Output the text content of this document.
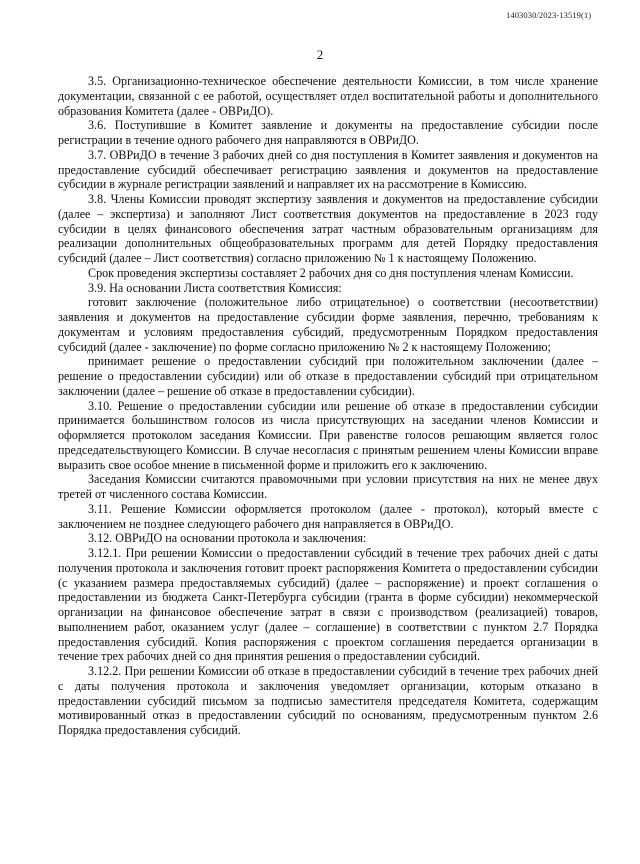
1403030/2023-13519(1)
2

3.5. Организационно-техническое обеспечение деятельности Комиссии, в том числе хранение документации, связанной с ее работой, осуществляет отдел воспитательной работы и дополнительного образования Комитета (далее - ОВРиДО).

3.6. Поступившие в Комитет заявление и документы на предоставление субсидии после регистрации в течение одного рабочего дня направляются в ОВРиДО.

3.7. ОВРиДО в течение 3 рабочих дней со дня поступления в Комитет заявления и документов на предоставление субсидий обеспечивает регистрацию заявления и документов на предоставление субсидии в журнале регистрации заявлений и направляет их на рассмотрение в Комиссию.

3.8. Члены Комиссии проводят экспертизу заявления и документов на предоставление субсидии (далее – экспертиза) и заполняют Лист соответствия документов на предоставление в 2023 году субсидии в целях финансового обеспечения затрат частным образовательным организациям для реализации дополнительных общеобразовательных программ для детей Порядку предоставления субсидий (далее – Лист соответствия) согласно приложению № 1 к настоящему Положению.

Срок проведения экспертизы составляет 2 рабочих дня со дня поступления членам Комиссии.

3.9. На основании Листа соответствия Комиссия:

готовит заключение (положительное либо отрицательное) о соответствии (несоответствии) заявления и документов на предоставление субсидии форме заявления, перечню, требованиям к документам и условиям предоставления субсидий, предусмотренным Порядком предоставления субсидий (далее - заключение) по форме согласно приложению № 2 к настоящему Положению;

принимает решение о предоставлении субсидий при положительном заключении (далее – решение о предоставлении субсидии) или об отказе в предоставлении субсидий при отрицательном заключении (далее – решение об отказе в предоставлении субсидии).

3.10. Решение о предоставлении субсидии или решение об отказе в предоставлении субсидии принимается большинством голосов из числа присутствующих на заседании членов Комиссии и оформляется протоколом заседания Комиссии. При равенстве голосов решающим является голос председательствующего Комиссии. В случае несогласия с принятым решением члены Комиссии вправе выразить свое особое мнение в письменной форме и приложить его к заключению.

Заседания Комиссии считаются правомочными при условии присутствия на них не менее двух третей от численного состава Комиссии.

3.11. Решение Комиссии оформляется протоколом (далее - протокол), который вместе с заключением не позднее следующего рабочего дня направляется в ОВРиДО.

3.12. ОВРиДО на основании протокола и заключения:

3.12.1. При решении Комиссии о предоставлении субсидий в течение трех рабочих дней с даты получения протокола и заключения готовит проект распоряжения Комитета о предоставлении субсидии (с указанием размера предоставляемых субсидий) (далее – распоряжение) и проект соглашения о предоставлении из бюджета Санкт-Петербурга субсидии (гранта в форме субсидии) некоммерческой организации на финансовое обеспечение затрат в связи с производством (реализацией) товаров, выполнением работ, оказанием услуг (далее – соглашение) в соответствии с пунктом 2.7 Порядка предоставления субсидий. Копия распоряжения с проектом соглашения передается организации в течение трех рабочих дней со дня принятия решения о предоставлении субсидий.

3.12.2. При решении Комиссии об отказе в предоставлении субсидий в течение трех рабочих дней с даты получения протокола и заключения уведомляет организации, которым отказано в предоставлении субсидий письмом за подписью заместителя председателя Комитета, содержащим мотивированный отказ в предоставлении субсидий по основаниям, предусмотренным пунктом 2.6 Порядка предоставления субсидий.
